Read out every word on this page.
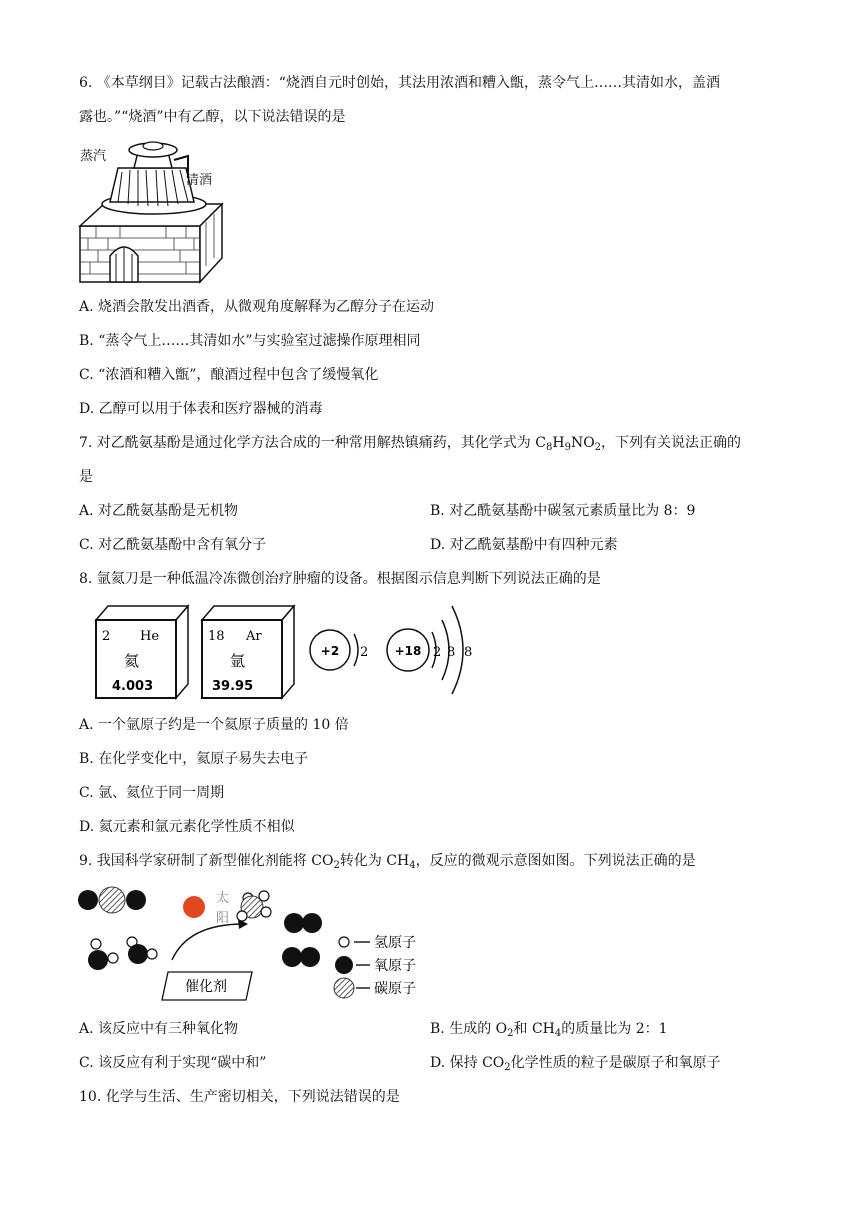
6. 《本草纲目》记载古法酿酒：“烧酒自元时创始，其法用浓酒和糟入甑，蒸令气上……其清如水，盖酒
露也。”“烧酒”中有乙醇，以下说法错误的是
蒸汽
清酒
A. 烧酒会散发出酒香，从微观角度解释为乙醇分子在运动
B. “蒸令气上……其清如水”与实验室过滤操作原理相同
C. “浓酒和糟入甑”，酿酒过程中包含了缓慢氧化
D. 乙醇可以用于体表和医疗器械的消毒
7. 对乙酰氨基酚是通过化学方法合成的一种常用解热镇痛药，其化学式为 $C_8H_9NO_2$，下列有关说法正确的
是
A. 对乙酰氨基酚是无机物	B. 对乙酰氨基酚中碳氢元素质量比为 8：9
C. 对乙酰氨基酚中含有氧分子	D. 对乙酰氨基酚中有四种元素
8. 氩氦刀是一种低温冷冻微创治疗肿瘤的设备。根据图示信息判断下列说法正确的是
2 He
氦
4.003
18 Ar
氩
39.95
+2 2 +18 2 8 8
A. 一个氩原子约是一个氦原子质量的 10 倍
B. 在化学变化中，氦原子易失去电子
C. 氩、氦位于同一周期
D. 氦元素和氩元素化学性质不相似
9. 我国科学家研制了新型催化剂能将 $CO_2$转化为 $CH_4$，反应的微观示意图如图。下列说法正确的是
太
阳
催化剂
氢原子
氧原子
碳原子
A. 该反应中有三种氧化物	B. 生成的 $O_2$和 $CH_4$的质量比为 2：1
C. 该反应有利于实现“碳中和”	D. 保持 $CO_2$化学性质的粒子是碳原子和氧原子
10. 化学与生活、生产密切相关，下列说法错误的是
